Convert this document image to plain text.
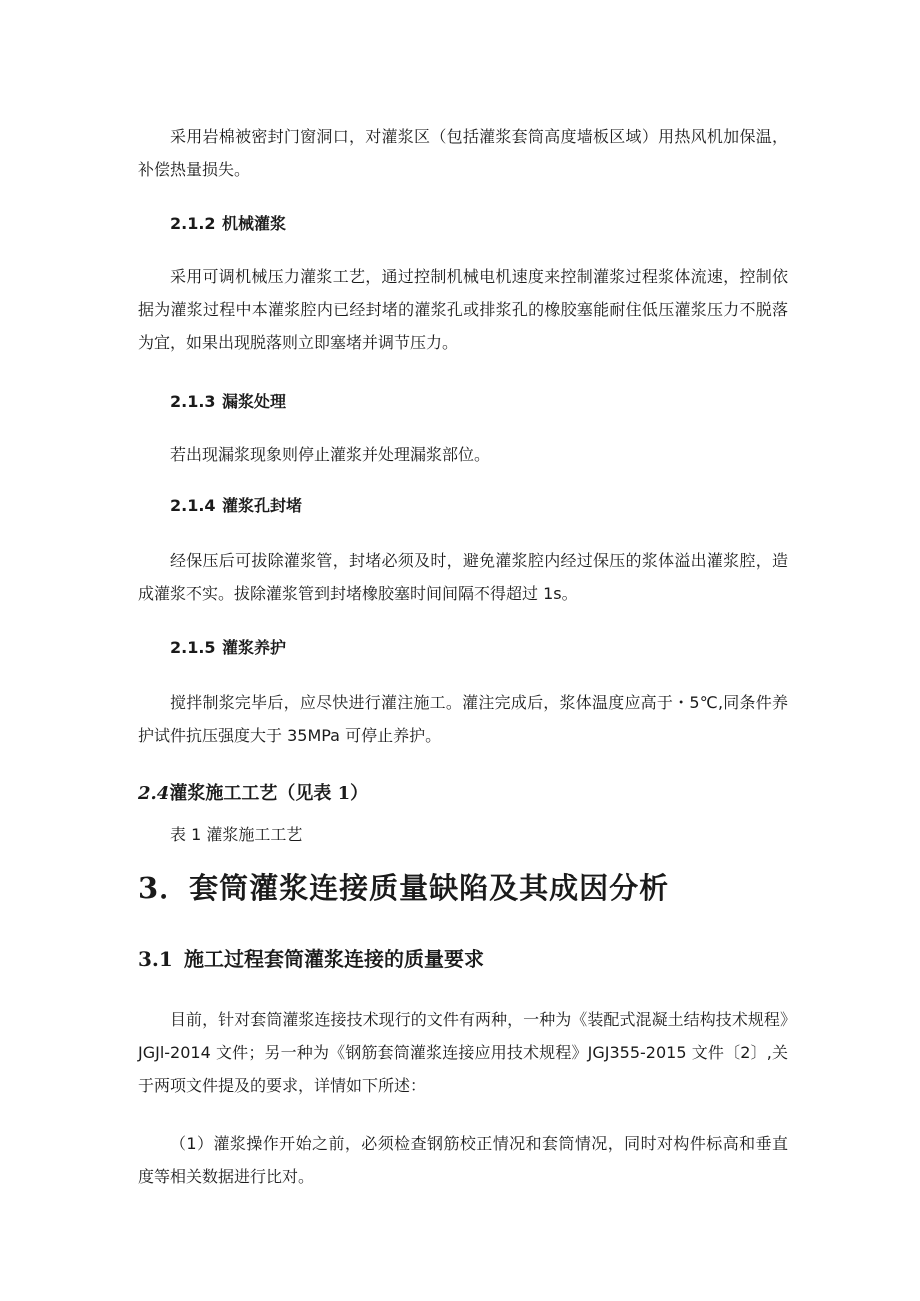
采用岩棉被密封门窗洞口，对灌浆区（包括灌浆套筒高度墙板区域）用热风机加保温，补偿热量损失。

2.1.2 机械灌浆

采用可调机械压力灌浆工艺，通过控制机械电机速度来控制灌浆过程浆体流速，控制依据为灌浆过程中本灌浆腔内已经封堵的灌浆孔或排浆孔的橡胶塞能耐住低压灌浆压力不脱落为宜，如果出现脱落则立即塞堵并调节压力。

2.1.3 漏浆处理

若出现漏浆现象则停止灌浆并处理漏浆部位。

2.1.4 灌浆孔封堵

经保压后可拔除灌浆管，封堵必须及时，避免灌浆腔内经过保压的浆体溢出灌浆腔，造成灌浆不实。拔除灌浆管到封堵橡胶塞时间间隔不得超过 1s。

2.1.5 灌浆养护

搅拌制浆完毕后，应尽快进行灌注施工。灌注完成后，浆体温度应高于・5℃,同条件养护试件抗压强度大于 35MPa 可停止养护。

2.4灌浆施工工艺（见表 1）
表 1 灌浆施工工艺
3．套筒灌浆连接质量缺陷及其成因分析
3.1 施工过程套筒灌浆连接的质量要求

目前，针对套筒灌浆连接技术现行的文件有两种，一种为《装配式混凝土结构技术规程》JGJl-2014 文件；另一种为《钢筋套筒灌浆连接应用技术规程》JGJ355-2015 文件〔2〕,关于两项文件提及的要求，详情如下所述：

（1）灌浆操作开始之前，必须检查钢筋校正情况和套筒情况，同时对构件标高和垂直度等相关数据进行比对。
